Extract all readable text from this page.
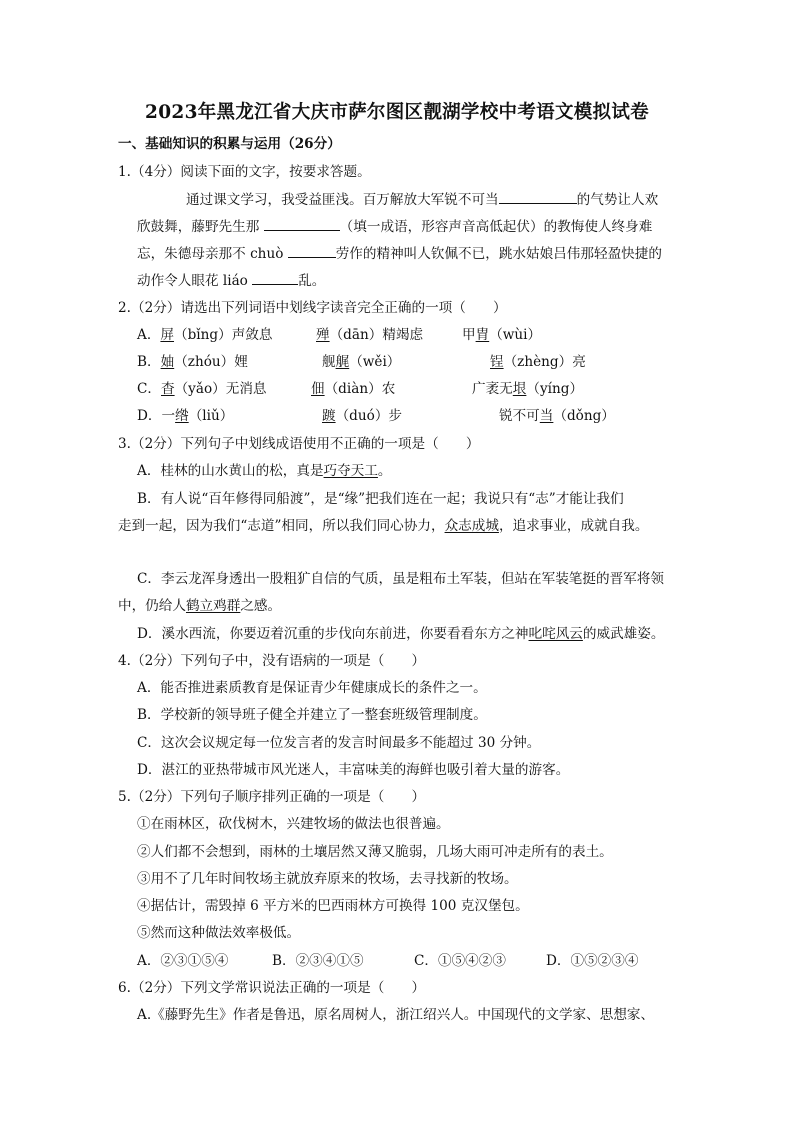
2023年黑龙江省大庆市萨尔图区靓湖学校中考语文模拟试卷
一、基础知识的积累与运用（26分）
1.（4分）阅读下面的文字，按要求答题。
通过课文学习，我受益匪浅。百万解放大军锐不可当	的气势让人欢
欣鼓舞，藤野先生那	（填一成语，形容声音高低起伏）的教悔使人终身难
忘，朱德母亲那不 chuò	劳作的精神叫人钦佩不已，跳水姑娘吕伟那轻盈快捷的
动作令人眼花 liáo	乱。
2.（2分）请选出下列词语中划线字读音完全正确的一项（　　）
A．屏（bǐng）声敛息	殚（dān）精竭虑	甲胄（wùi）
B．妯（zhóu）娌	舰艉（wěi）	锃（zhèng）亮
C．杳（yǎo）无消息	佃（diàn）农	广袤无垠（yíng）
D．一绺（liǔ）	踱（duó）步	锐不可当（dǒng）
3.（2分）下列句子中划线成语使用不正确的一项是（　　）
A．桂林的山水黄山的松，真是巧夺天工。
B．有人说“百年修得同船渡”，是“缘”把我们连在一起；我说只有“志”才能让我们
走到一起，因为我们“志道”相同，所以我们同心协力，众志成城，追求事业，成就自我。
C．李云龙浑身透出一股粗犷自信的气质，虽是粗布土军装，但站在军装笔挺的晋军将领
中，仍给人鹤立鸡群之感。
D．溪水西流，你要迈着沉重的步伐向东前进，你要看看东方之神叱咤风云的威武雄姿。
4.（2分）下列句子中，没有语病的一项是（　　）
A．能否推进素质教育是保证青少年健康成长的条件之一。
B．学校新的领导班子健全并建立了一整套班级管理制度。
C．这次会议规定每一位发言者的发言时间最多不能超过 30 分钟。
D．湛江的亚热带城市风光迷人，丰富味美的海鲜也吸引着大量的游客。
5.（2分）下列句子顺序排列正确的一项是（　　）
①在雨林区，砍伐树木，兴建牧场的做法也很普遍。
②人们都不会想到，雨林的土壤居然又薄又脆弱，几场大雨可冲走所有的表土。
③用不了几年时间牧场主就放弃原来的牧场，去寻找新的牧场。
④据估计，需毁掉 6 平方米的巴西雨林方可换得 100 克汉堡包。
⑤然而这种做法效率极低。
A．②③①⑤④	B．②③④①⑤	C．①⑤④②③	D．①⑤②③④
6.（2分）下列文学常识说法正确的一项是（　　）
A.《藤野先生》作者是鲁迅，原名周树人，浙江绍兴人。中国现代的文学家、思想家、
